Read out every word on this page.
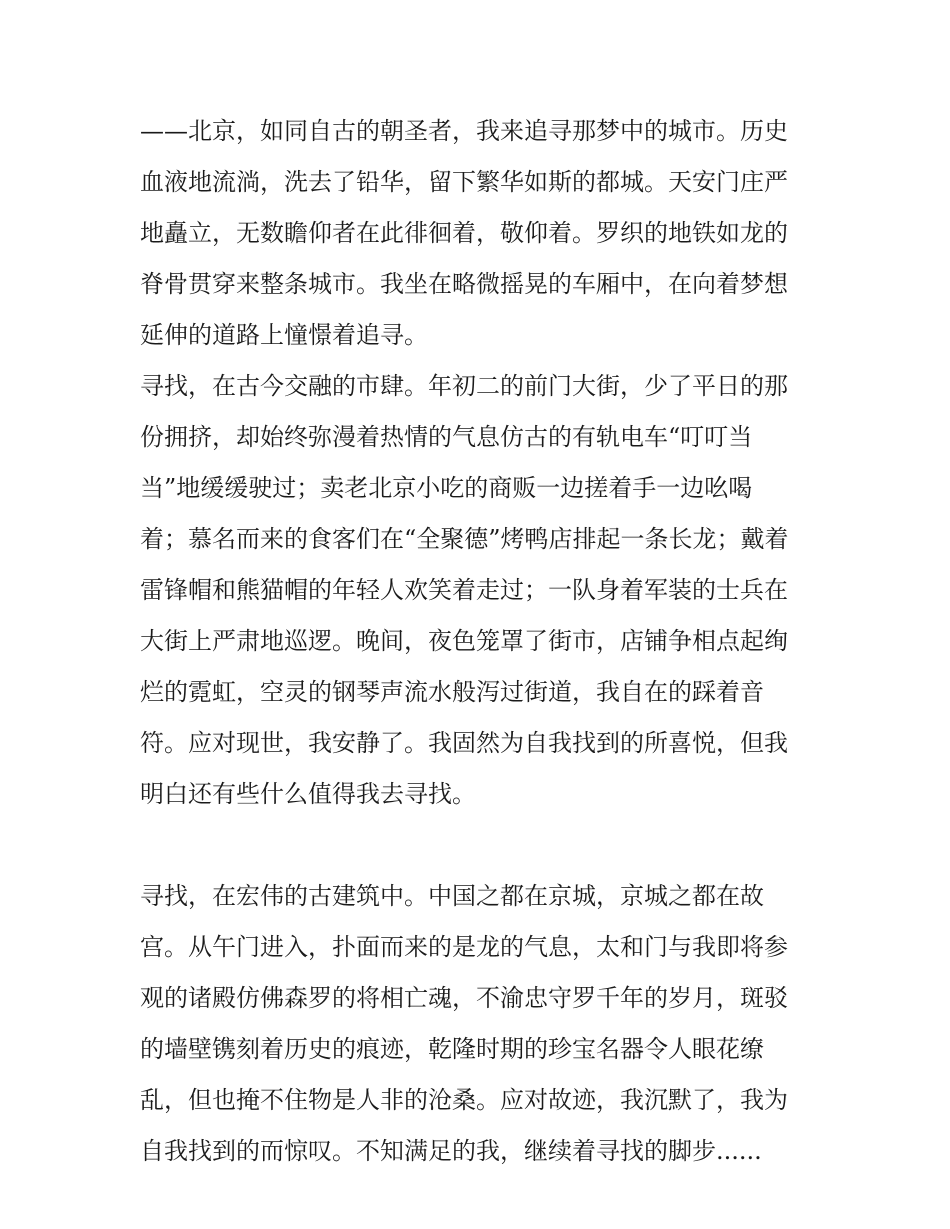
——北京，如同自古的朝圣者，我来追寻那梦中的城市。历史
血液地流淌，洗去了铅华，留下繁华如斯的都城。天安门庄严
地矗立，无数瞻仰者在此徘徊着，敬仰着。罗织的地铁如龙的
脊骨贯穿来整条城市。我坐在略微摇晃的车厢中，在向着梦想
延伸的道路上憧憬着追寻。
寻找，在古今交融的市肆。年初二的前门大街，少了平日的那
份拥挤，却始终弥漫着热情的气息仿古的有轨电车“叮叮当
当”地缓缓驶过；卖老北京小吃的商贩一边搓着手一边吆喝
着；慕名而来的食客们在“全聚德”烤鸭店排起一条长龙；戴着
雷锋帽和熊猫帽的年轻人欢笑着走过；一队身着军装的士兵在
大街上严肃地巡逻。晚间，夜色笼罩了街市，店铺争相点起绚
烂的霓虹，空灵的钢琴声流水般泻过街道，我自在的踩着音
符。应对现世，我安静了。我固然为自我找到的所喜悦，但我
明白还有些什么值得我去寻找。
寻找，在宏伟的古建筑中。中国之都在京城，京城之都在故
宫。从午门进入，扑面而来的是龙的气息，太和门与我即将参
观的诸殿仿佛森罗的将相亡魂，不渝忠守罗千年的岁月，斑驳
的墙壁镌刻着历史的痕迹，乾隆时期的珍宝名器令人眼花缭
乱，但也掩不住物是人非的沧桑。应对故迹，我沉默了，我为
自我找到的而惊叹。不知满足的我，继续着寻找的脚步......
